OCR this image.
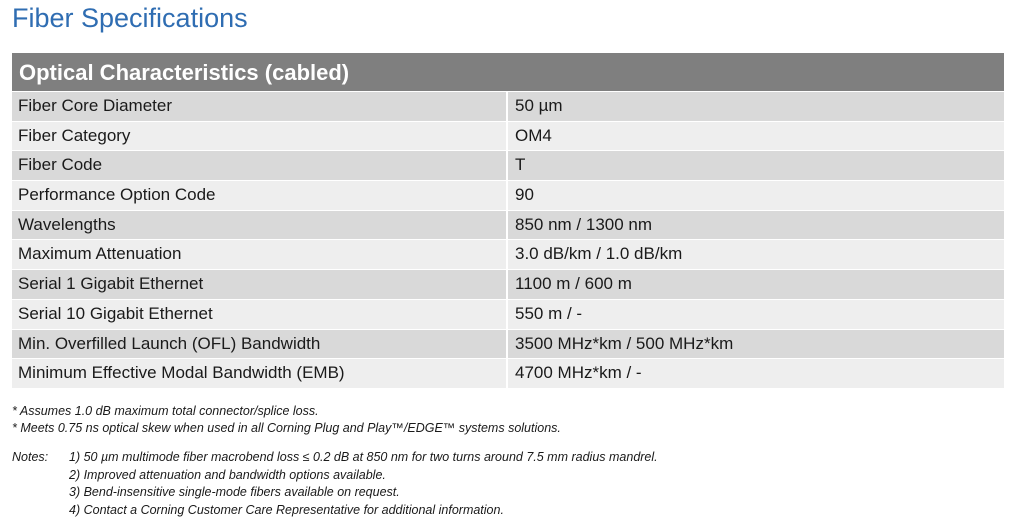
Fiber Specifications
Optical Characteristics (cabled)
Fiber Core Diameter	50 µm
Fiber Category	OM4
Fiber Code	T
Performance Option Code	90
Wavelengths	850 nm / 1300 nm
Maximum Attenuation	3.0 dB/km / 1.0 dB/km
Serial 1 Gigabit Ethernet	1100 m / 600 m
Serial 10 Gigabit Ethernet	550 m / -
Min. Overfilled Launch (OFL) Bandwidth	3500 MHz*km / 500 MHz*km
Minimum Effective Modal Bandwidth (EMB)	4700 MHz*km / -
* Assumes 1.0 dB maximum total connector/splice loss.
* Meets 0.75 ns optical skew when used in all Corning Plug and Play™/EDGE™ systems solutions.
Notes:	1) 50 µm multimode fiber macrobend loss ≤ 0.2 dB at 850 nm for two turns around 7.5 mm radius mandrel.
2) Improved attenuation and bandwidth options available.
3) Bend-insensitive single-mode fibers available on request.
4) Contact a Corning Customer Care Representative for additional information.
